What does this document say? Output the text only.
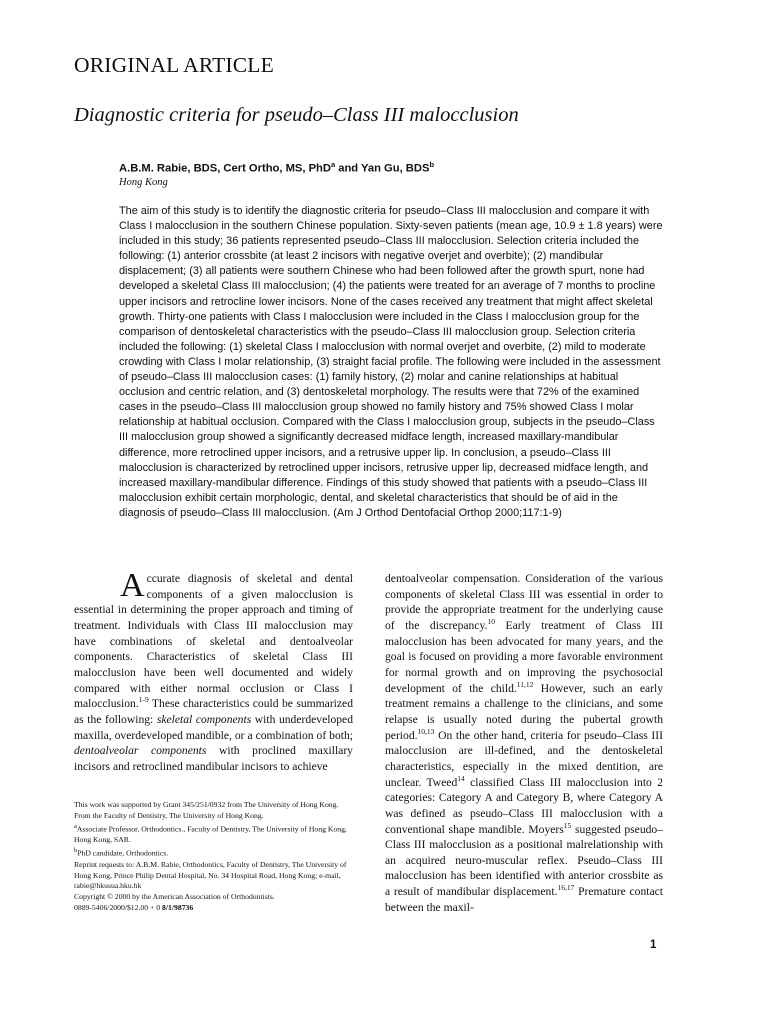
ORIGINAL ARTICLE
Diagnostic criteria for pseudo–Class III malocclusion
A.B.M. Rabie, BDS, Cert Ortho, MS, PhD$^a$ and Yan Gu, BDS$^b$
Hong Kong

The aim of this study is to identify the diagnostic criteria for pseudo–Class III malocclusion and compare it with Class I malocclusion in the southern Chinese population. Sixty-seven patients (mean age, 10.9 ± 1.8 years) were included in this study; 36 patients represented pseudo–Class III malocclusion. Selection criteria included the following: (1) anterior crossbite (at least 2 incisors with negative overjet and overbite); (2) mandibular displacement; (3) all patients were southern Chinese who had been followed after the growth spurt, none had developed a skeletal Class III malocclusion; (4) the patients were treated for an average of 7 months to procline upper incisors and retrocline lower incisors. None of the cases received any treatment that might affect skeletal growth. Thirty-one patients with Class I malocclusion were included in the Class I malocclusion group for the comparison of dentoskeletal characteristics with the pseudo–Class III malocclusion group. Selection criteria included the following: (1) skeletal Class I malocclusion with normal overjet and overbite, (2) mild to moderate crowding with Class I molar relationship, (3) straight facial profile. The following were included in the assessment of pseudo–Class III malocclusion cases: (1) family history, (2) molar and canine relationships at habitual occlusion and centric relation, and (3) dentoskeletal morphology. The results were that 72% of the examined cases in the pseudo–Class III malocclusion group showed no family history and 75% showed Class I molar relationship at habitual occlusion. Compared with the Class I malocclusion group, subjects in the pseudo–Class III malocclusion group showed a significantly decreased midface length, increased maxillary-mandibular difference, more retroclined upper incisors, and a retrusive upper lip. In conclusion, a pseudo–Class III malocclusion is characterized by retroclined upper incisors, retrusive upper lip, decreased midface length, and increased maxillary-mandibular difference. Findings of this study showed that patients with a pseudo–Class III malocclusion exhibit certain morphologic, dental, and skeletal characteristics that should be of aid in the diagnosis of pseudo–Class III malocclusion. (Am J Orthod Dentofacial Orthop 2000;117:1-9)

Accurate diagnosis of skeletal and dental components of a given malocclusion is essential in determining the proper approach and timing of treatment. Individuals with Class III malocclusion may have combinations of skeletal and dentoalveolar components. Characteristics of skeletal Class III malocclusion have been well documented and widely compared with either normal occlusion or Class I malocclusion.$^{1-9}$ These characteristics could be summarized as the following: skeletal components with underdeveloped maxilla, overdeveloped mandible, or a combination of both; dentoalveolar components with proclined maxillary incisors and retroclined mandibular incisors to achieve

This work was supported by Grant 345/251/0932 from The University of Hong Kong.
From the Faculty of Dentistry, The University of Hong Kong.
$^a$Associate Professor, Orthodontics., Faculty of Dentistry, The University of Hong Kong, Hong Kong, SAR.
$^b$PhD candidate, Orthodontics.
Reprint requests to: A.B.M. Rabie, Orthodontics, Faculty of Dentistry, The University of Hong Kong, Prince Philip Dental Hospital, No. 34 Hospital Road, Hong Kong; e-mail, rabie@hkusua.hku.hk
Copyright © 2000 by the American Association of Orthodontists.
0889-5406/2000/$12.00 + 0 8/1/98736

dentoalveolar compensation. Consideration of the various components of skeletal Class III was essential in order to provide the appropriate treatment for the underlying cause of the discrepancy.$^{10}$ Early treatment of Class III malocclusion has been advocated for many years, and the goal is focused on providing a more favorable environment for normal growth and on improving the psychosocial development of the child.$^{11,12}$ However, such an early treatment remains a challenge to the clinicians, and some relapse is usually noted during the pubertal growth period.$^{10,13}$ On the other hand, criteria for pseudo–Class III malocclusion are ill-defined, and the dentoskeletal characteristics, especially in the mixed dentition, are unclear. Tweed$^{14}$ classified Class III malocclusion into 2 categories: Category A and Category B, where Category A was defined as pseudo–Class III malocclusion with a conventional shape mandible. Moyers$^{15}$ suggested pseudo–Class III malocclusion as a positional malrelationship with an acquired neuro-muscular reflex. Pseudo–Class III malocclusion has been identified with anterior crossbite as a result of mandibular displacement.$^{16,17}$ Premature contact between the maxil-

1
